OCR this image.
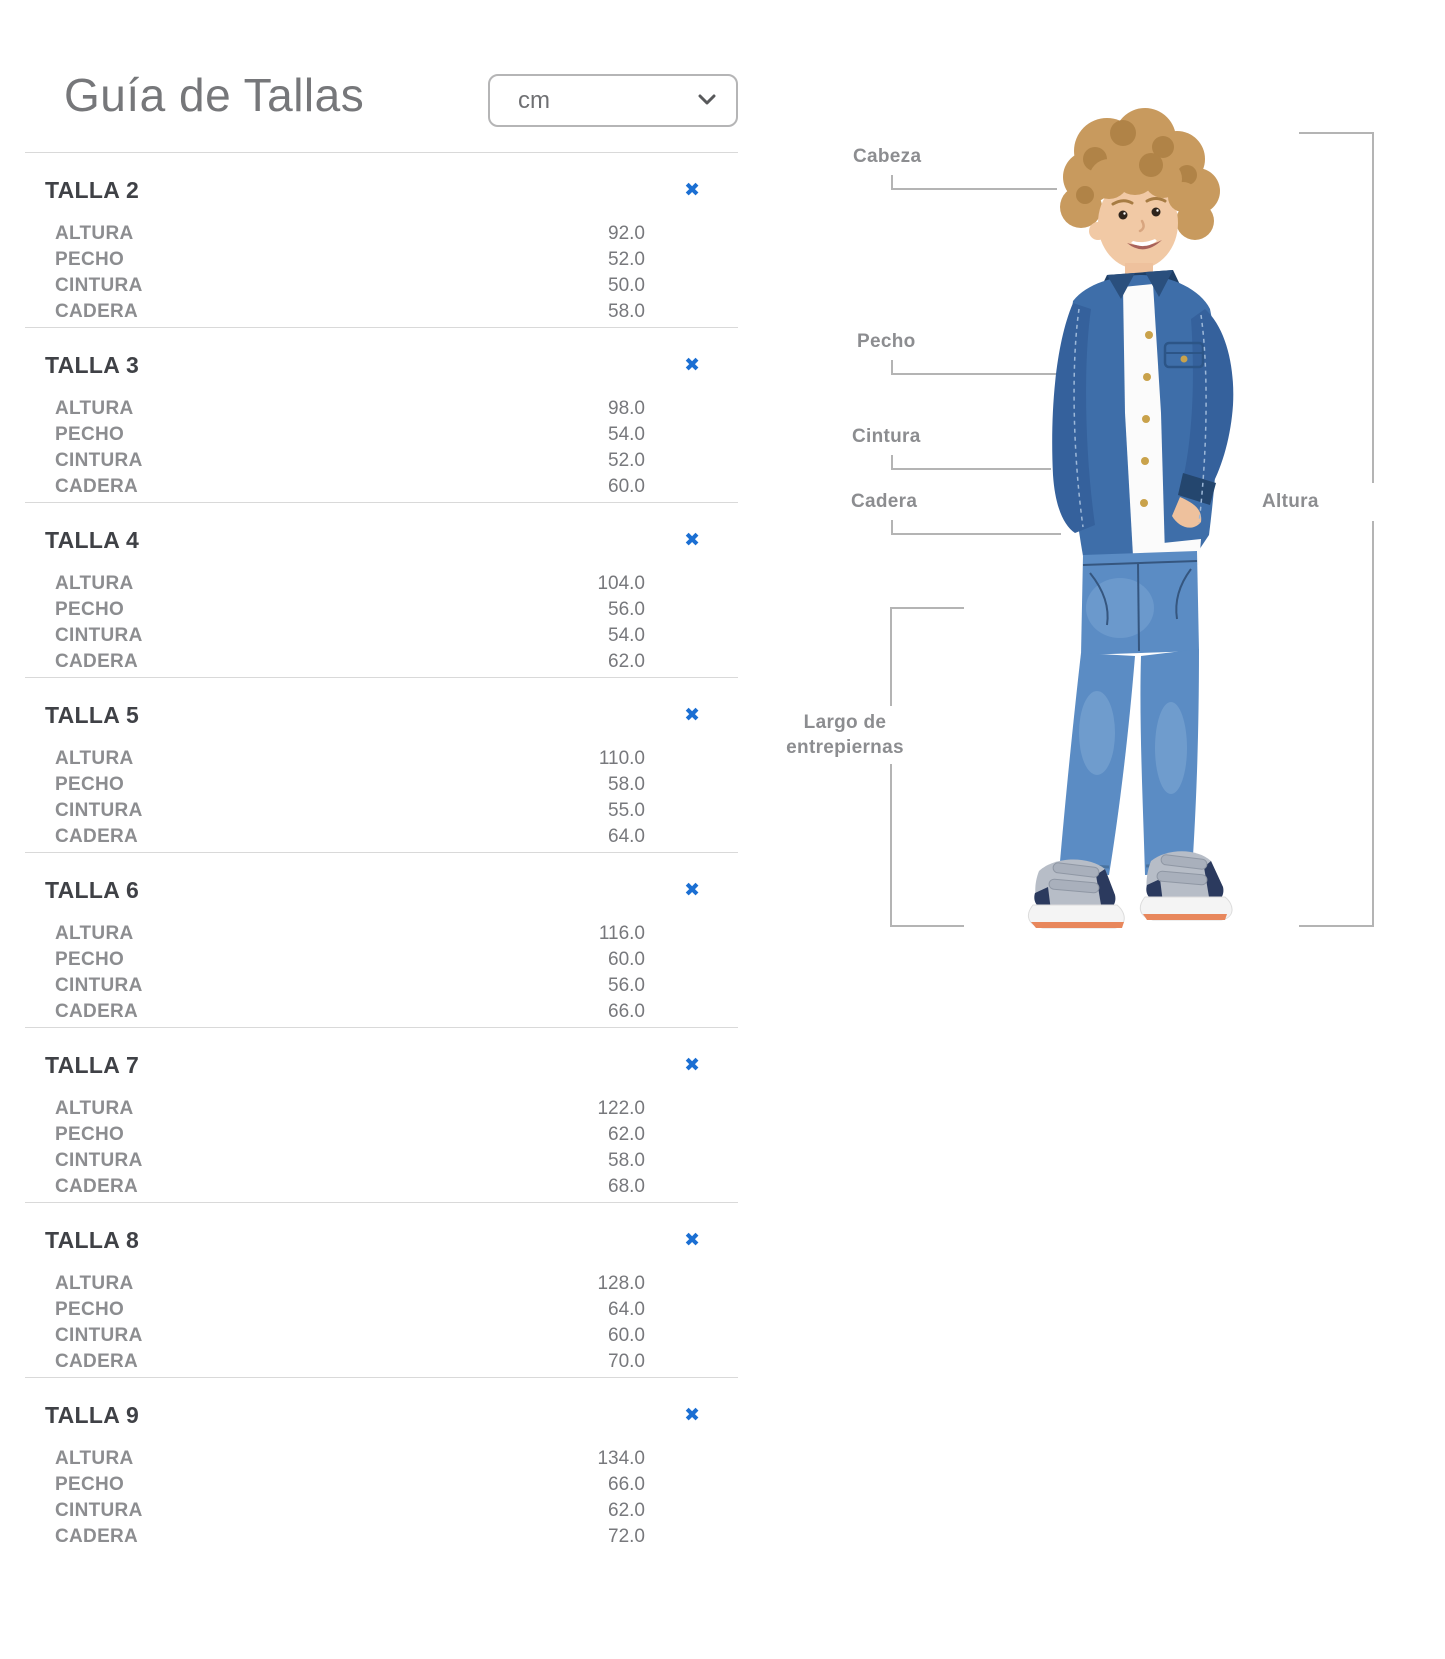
Guía de Tallas	cm
TALLA 2	✖
ALTURA	92.0
PECHO	52.0
CINTURA	50.0
CADERA	58.0
TALLA 3	✖
ALTURA	98.0
PECHO	54.0
CINTURA	52.0
CADERA	60.0
TALLA 4	✖
ALTURA	104.0
PECHO	56.0
CINTURA	54.0
CADERA	62.0
TALLA 5	✖
ALTURA	110.0
PECHO	58.0
CINTURA	55.0
CADERA	64.0
TALLA 6	✖
ALTURA	116.0
PECHO	60.0
CINTURA	56.0
CADERA	66.0
TALLA 7	✖
ALTURA	122.0
PECHO	62.0
CINTURA	58.0
CADERA	68.0
TALLA 8	✖
ALTURA	128.0
PECHO	64.0
CINTURA	60.0
CADERA	70.0
TALLA 9	✖
ALTURA	134.0
PECHO	66.0
CINTURA	62.0
CADERA	72.0
Cabeza
Pecho
Cintura
Cadera
Largo de
entrepiernas
Altura
